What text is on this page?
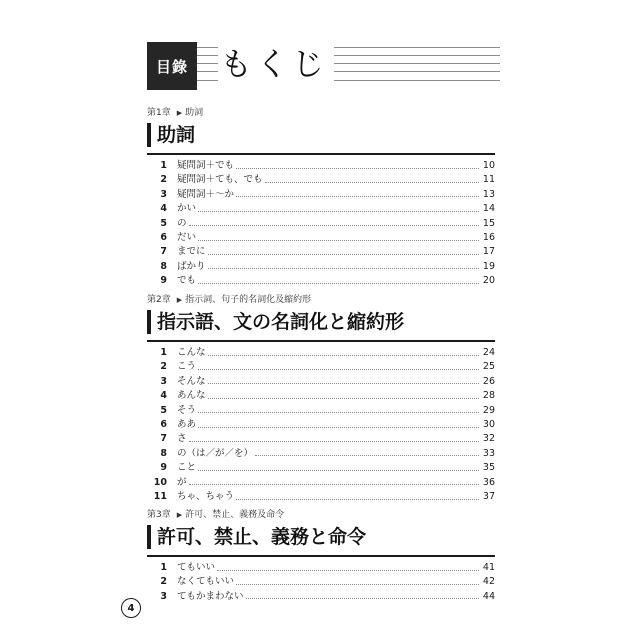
目錄 もくじ
第1章 ▶ 助詞
助詞
1	疑問詞＋でも	10
2	疑問詞＋ても、でも	11
3	疑問詞＋〜か	13
4	かい	14
5	の	15
6	だい	16
7	までに	17
8	ばかり	19
9	でも	20
第2章 ▶ 指示詞、句子的名詞化及縮約形
指示語、文の名詞化と縮約形
1	こんな	24
2	こう	25
3	そんな	26
4	あんな	28
5	そう	29
6	ああ	30
7	さ	32
8	の（は／が／を）	33
9	こと	35
10	が	36
11	ちゃ、ちゃう	37
第3章 ▶ 許可、禁止、義務及命令
許可、禁止、義務と命令
1	てもいい	41
2	なくてもいい	42
3	てもかまわない	44
4
